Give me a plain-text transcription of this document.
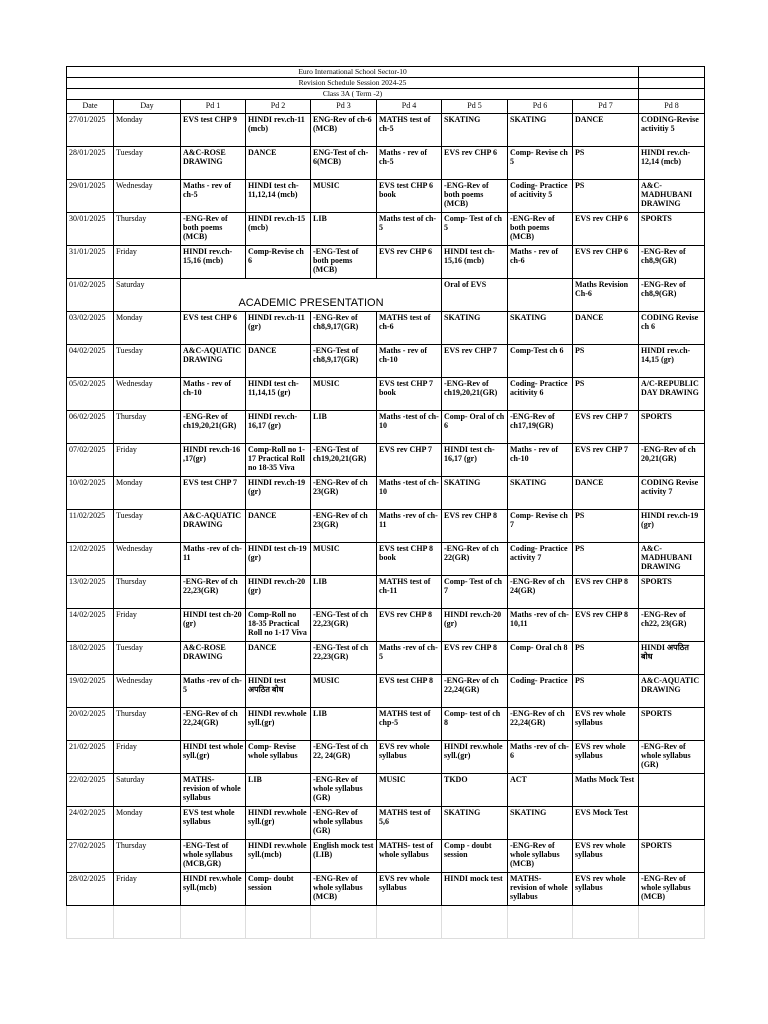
Euro International School Sector-10									
Revision Schedule Session 2024-25									
Class 3A ( Term -2)									
Date	Day	Pd 1	Pd 2	Pd 3	Pd 4	Pd 5	Pd 6	Pd 7	Pd 8
27/01/2025	Monday	EVS test CHP 9	HINDI rev.ch-11 (mcb)	ENG-Rev of ch-6 (MCB)	MATHS test of ch-5	SKATING	SKATING	DANCE	CODING-Revise activitiy 5
28/01/2025	Tuesday	A&C-ROSE DRAWING	DANCE	ENG-Test of ch-6(MCB)	Maths - rev of ch-5	EVS rev CHP 6	Comp- Revise ch 5	PS	HINDI rev.ch-12,14 (mcb)
29/01/2025	Wednesday	Maths - rev of ch-5	HINDI test ch-11,12,14 (mcb)	MUSIC	EVS test CHP 6 book	-ENG-Rev of both poems (MCB)	Coding- Practice of acitivity 5	PS	A&C-MADHUBANI DRAWING
30/01/2025	Thursday	-ENG-Rev of both poems (MCB)	HINDI rev.ch-15 (mcb)	LIB	Maths test of ch-5	Comp- Test of ch 5	-ENG-Rev of both poems (MCB)	EVS rev CHP 6	SPORTS
31/01/2025	Friday	HINDI rev.ch-15,16 (mcb)	Comp-Revise ch 6	-ENG-Test of both poems (MCB)	EVS rev CHP 6	HINDI test ch-15,16 (mcb)	Maths - rev of ch-6	EVS rev CHP 6	-ENG-Rev of ch8,9(GR)
01/02/2025	Saturday	ACADEMIC PRESENTATION				Oral of EVS		Maths Revision Ch-6	-ENG-Rev of ch8,9(GR)
03/02/2025	Monday	EVS test CHP 6	HINDI rev.ch-11 (gr)	-ENG-Rev of ch8,9,17(GR)	MATHS test of ch-6	SKATING	SKATING	DANCE	CODING Revise ch 6
04/02/2025	Tuesday	A&C-AQUATIC DRAWING	DANCE	-ENG-Test of ch8,9,17(GR)	Maths - rev of ch-10	EVS rev CHP 7	Comp-Test ch 6	PS	HINDI rev.ch-14,15 (gr)
05/02/2025	Wednesday	Maths - rev of ch-10	HINDI test ch-11,14,15 (gr)	MUSIC	EVS test CHP 7 book	-ENG-Rev of ch19,20,21(GR)	Coding- Practice acitivity 6	PS	A/C-REPUBLIC DAY DRAWING
06/02/2025	Thursday	-ENG-Rev of ch19,20,21(GR)	HINDI rev.ch-16,17 (gr)	LIB	Maths -test of ch-10	Comp- Oral of ch 6	-ENG-Rev of ch17,19(GR)	EVS rev CHP 7	SPORTS
07/02/2025	Friday	HINDI rev.ch-16 ,17(gr)	Comp-Roll no 1-17 Practical Roll no 18-35 Viva	-ENG-Test of ch19,20,21(GR)	EVS rev CHP 7	HINDI test ch-16,17 (gr)	Maths - rev of ch-10	EVS rev CHP 7	-ENG-Rev of ch 20,21(GR)
10/02/2025	Monday	EVS test CHP 7	HINDI rev.ch-19 (gr)	-ENG-Rev of ch 23(GR)	Maths -test of ch-10	SKATING	SKATING	DANCE	CODING Revise activity 7
11/02/2025	Tuesday	A&C-AQUATIC DRAWING	DANCE	-ENG-Rev of ch 23(GR)	Maths -rev of ch-11	EVS rev CHP 8	Comp- Revise ch 7	PS	HINDI rev.ch-19 (gr)
12/02/2025	Wednesday	Maths -rev of ch-11	HINDI test ch-19 (gr)	MUSIC	EVS test CHP 8 book	-ENG-Rev of ch 22(GR)	Coding- Practice activity 7	PS	A&C-MADHUBANI DRAWING
13/02/2025	Thursday	-ENG-Rev of ch 22,23(GR)	HINDI rev.ch-20 (gr)	LIB	MATHS test of ch-11	Comp- Test of ch 7	-ENG-Rev of ch 24(GR)	EVS rev CHP 8	SPORTS
14/02/2025	Friday	HINDI test ch-20 (gr)	Comp-Roll no 18-35 Practical Roll no 1-17 Viva	-ENG-Test of ch 22,23(GR)	EVS rev CHP 8	HINDI rev.ch-20 (gr)	Maths -rev of ch-10,11	EVS rev CHP 8	-ENG-Rev of ch22, 23(GR)
18/02/2025	Tuesday	A&C-ROSE DRAWING	DANCE	-ENG-Test of ch 22,23(GR)	Maths -rev of ch-5	EVS rev CHP 8	Comp- Oral ch 8	PS	HINDI अपठित बोध
19/02/2025	Wednesday	Maths -rev of ch-5	HINDI test अपठित बोध	MUSIC	EVS test CHP 8	-ENG-Rev of ch 22,24(GR)	Coding- Practice	PS	A&C-AQUATIC DRAWING
20/02/2025	Thursday	-ENG-Rev of ch 22,24(GR)	HINDI rev.whole syll.(gr)	LIB	MATHS test of chp-5	Comp- test of ch 8	-ENG-Rev of ch 22,24(GR)	EVS rev whole syllabus	SPORTS
21/02/2025	Friday	HINDI test whole syll.(gr)	Comp- Revise whole syllabus	-ENG-Test of ch 22, 24(GR)	EVS rev whole syllabus	HINDI rev.whole syll.(gr)	Maths -rev of ch-6	EVS rev whole syllabus	-ENG-Rev of whole syllabus (GR)
22/02/2025	Saturday	MATHS- revision of whole syllabus	LIB	-ENG-Rev of whole syllabus (GR)	MUSIC	TKDO	ACT	Maths Mock Test	
24/02/2025	Monday	EVS test whole syllabus	HINDI rev.whole syll.(gr)	-ENG-Rev of whole syllabus (GR)	MATHS test of 5,6	SKATING	SKATING	EVS Mock Test	
27/02/2025	Thursday	-ENG-Test of whole syllabus (MCB,GR)	HINDI rev.whole syll.(mcb)	English mock test (LIB)	MATHS- test of whole syllabus	Comp - doubt session	-ENG-Rev of whole syllabus (MCB)	EVS rev whole syllabus	SPORTS
28/02/2025	Friday	HINDI rev.whole syll.(mcb)	Comp- doubt session	-ENG-Rev of whole syllabus (MCB)	EVS rev whole syllabus	HINDI mock test	MATHS- revision of whole syllabus	EVS rev whole syllabus	-ENG-Rev of whole syllabus (MCB)
